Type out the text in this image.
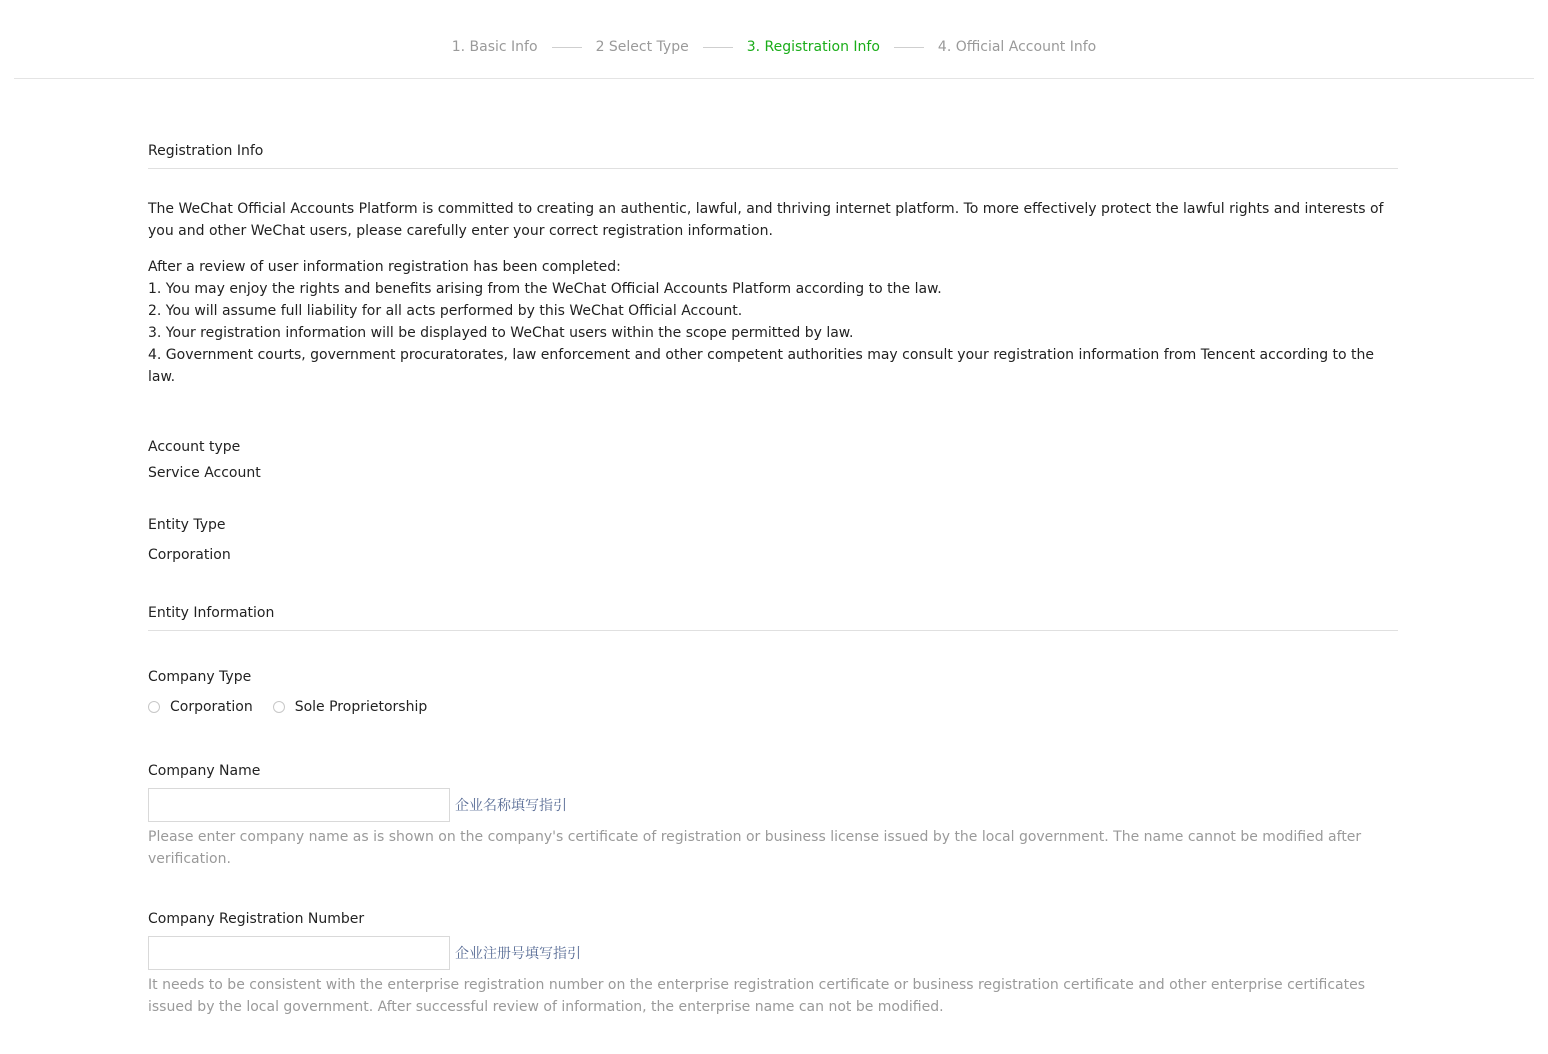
1. Basic Info	2 Select Type	3. Registration Info	4. Official Account Info
Registration Info

The WeChat Official Accounts Platform is committed to creating an authentic, lawful, and thriving internet platform. To more effectively protect the lawful rights and interests of you and other WeChat users, please carefully enter your correct registration information.

After a review of user information registration has been completed:
1. You may enjoy the rights and benefits arising from the WeChat Official Accounts Platform according to the law.
2. You will assume full liability for all acts performed by this WeChat Official Account.
3. Your registration information will be displayed to WeChat users within the scope permitted by law.
4. Government courts, government procuratorates, law enforcement and other competent authorities may consult your registration information from Tencent according to the law.
Account type
Service Account
Entity Type
Corporation
Entity Information
Company Type
Corporation	Sole Proprietorship
Company Name
企业名称填写指引

Please enter company name as is shown on the company's certificate of registration or business license issued by the local government. The name cannot be modified after verification.

Company Registration Number
企业注册号填写指引

It needs to be consistent with the enterprise registration number on the enterprise registration certificate or business registration certificate and other enterprise certificates issued by the local government. After successful review of information, the enterprise name can not be modified.
